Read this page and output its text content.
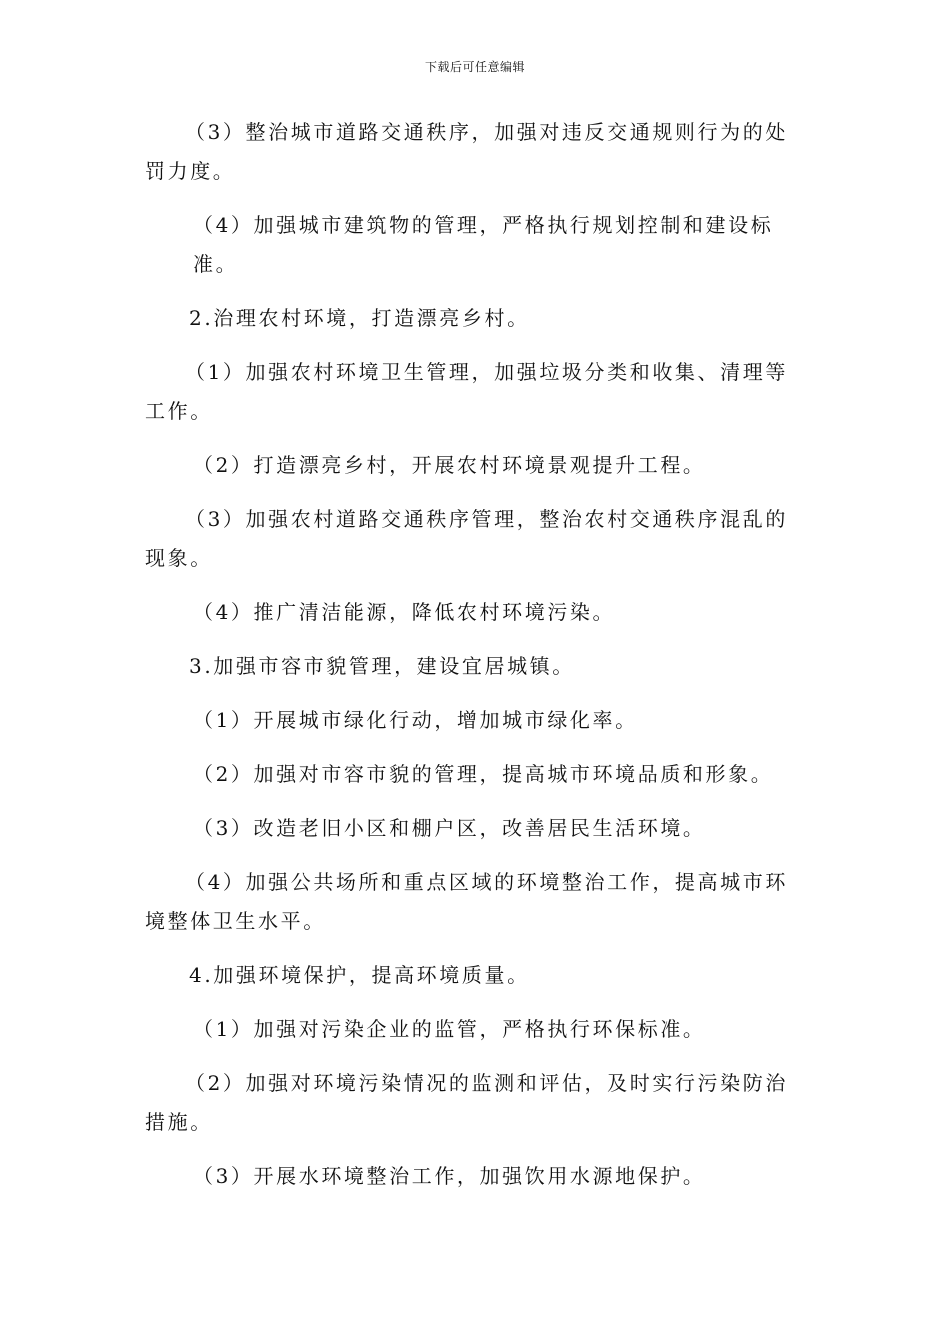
下载后可任意编辑

（3）整治城市道路交通秩序，加强对违反交通规则行为的处罚力度。

（4）加强城市建筑物的管理，严格执行规划控制和建设标准。

2.治理农村环境，打造漂亮乡村。

（1）加强农村环境卫生管理，加强垃圾分类和收集、清理等工作。

（2）打造漂亮乡村，开展农村环境景观提升工程。

（3）加强农村道路交通秩序管理，整治农村交通秩序混乱的现象。

（4）推广清洁能源，降低农村环境污染。

3.加强市容市貌管理，建设宜居城镇。

（1）开展城市绿化行动，增加城市绿化率。

（2）加强对市容市貌的管理，提高城市环境品质和形象。

（3）改造老旧小区和棚户区，改善居民生活环境。

（4）加强公共场所和重点区域的环境整治工作，提高城市环境整体卫生水平。

4.加强环境保护，提高环境质量。

（1）加强对污染企业的监管，严格执行环保标准。

（2）加强对环境污染情况的监测和评估，及时实行污染防治措施。

（3）开展水环境整治工作，加强饮用水源地保护。
